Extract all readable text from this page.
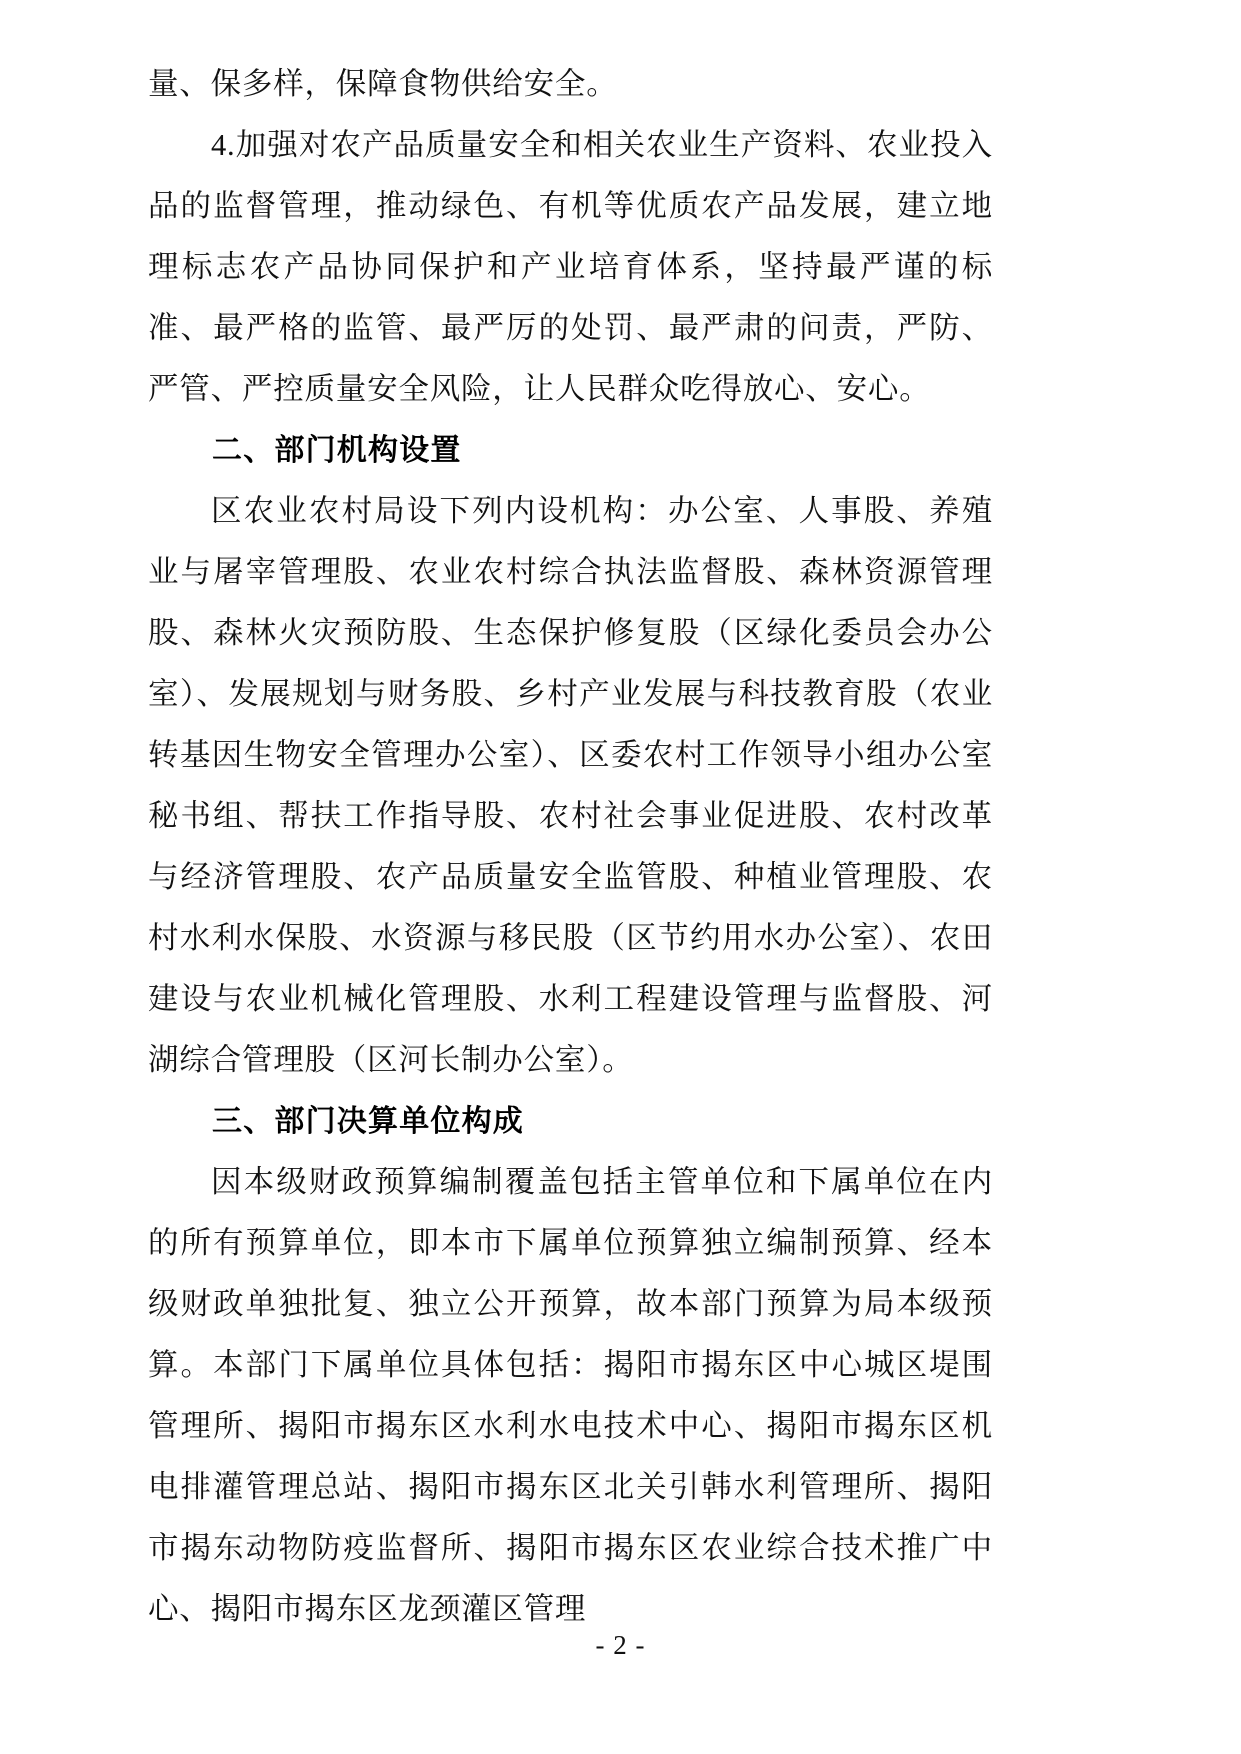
量、保多样，保障食物供给安全。

4.加强对农产品质量安全和相关农业生产资料、农业投入品的监督管理，推动绿色、有机等优质农产品发展，建立地理标志农产品协同保护和产业培育体系，坚持最严谨的标准、最严格的监管、最严厉的处罚、最严肃的问责，严防、严管、严控质量安全风险，让人民群众吃得放心、安心。

二、部门机构设置

区农业农村局设下列内设机构：办公室、人事股、养殖业与屠宰管理股、农业农村综合执法监督股、森林资源管理股、森林火灾预防股、生态保护修复股（区绿化委员会办公室）、发展规划与财务股、乡村产业发展与科技教育股（农业转基因生物安全管理办公室）、区委农村工作领导小组办公室秘书组、帮扶工作指导股、农村社会事业促进股、农村改革与经济管理股、农产品质量安全监管股、种植业管理股、农村水利水保股、水资源与移民股（区节约用水办公室）、农田建设与农业机械化管理股、水利工程建设管理与监督股、河湖综合管理股（区河长制办公室）。

三、部门决算单位构成

因本级财政预算编制覆盖包括主管单位和下属单位在内的所有预算单位，即本市下属单位预算独立编制预算、经本级财政单独批复、独立公开预算，故本部门预算为局本级预算。本部门下属单位具体包括：揭阳市揭东区中心城区堤围管理所、揭阳市揭东区水利水电技术中心、揭阳市揭东区机电排灌管理总站、揭阳市揭东区北关引韩水利管理所、揭阳市揭东动物防疫监督所、揭阳市揭东区农业综合技术推广中心、揭阳市揭东区龙颈灌区管理

- 2 -
